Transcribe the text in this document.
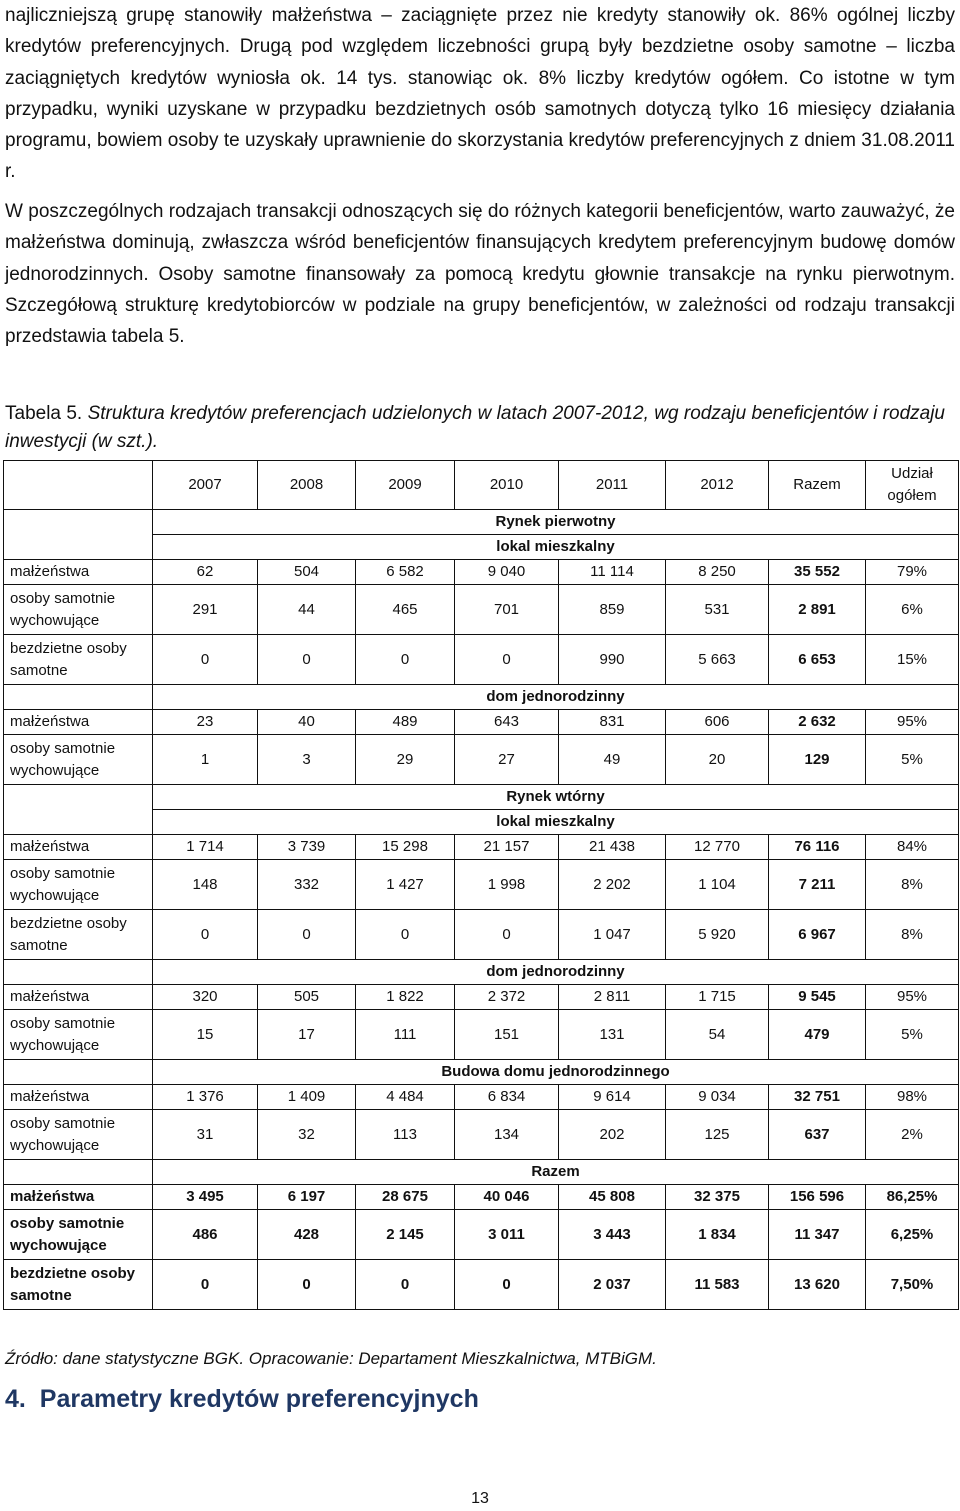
najliczniejszą grupę stanowiły małżeństwa – zaciągnięte przez nie kredyty stanowiły ok. 86% ogólnej liczby kredytów preferencyjnych. Drugą pod względem liczebności grupą były bezdzietne osoby samotne – liczba zaciągniętych kredytów wyniosła ok. 14 tys. stanowiąc ok. 8% liczby kredytów ogółem. Co istotne w tym przypadku, wyniki uzyskane w przypadku bezdzietnych osób samotnych dotyczą tylko 16 miesięcy działania programu, bowiem osoby te uzyskały uprawnienie do skorzystania kredytów preferencyjnych z dniem 31.08.2011 r.

W poszczególnych rodzajach transakcji odnoszących się do różnych kategorii beneficjentów, warto zauważyć, że małżeństwa dominują, zwłaszcza wśród beneficjentów finansujących kredytem preferencyjnym budowę domów jednorodzinnych. Osoby samotne finansowały za pomocą kredytu głownie transakcje na rynku pierwotnym. Szczegółową strukturę kredytobiorców w podziale na grupy beneficjentów, w zależności od rodzaju transakcji przedstawia tabela 5.

Tabela 5. Struktura kredytów preferencjach udzielonych w latach 2007-2012, wg rodzaju beneficjentów i rodzaju inwestycji (w szt.).

	2007	2008	2009	2010	2011	2012	Razem	Udział ogółem
	Rynek pierwotny							
	lokal mieszkalny							
małżeństwa	62	504	6 582	9 040	11 114	8 250	35 552	79%
osoby samotnie wychowujące	291	44	465	701	859	531	2 891	6%
bezdzietne osoby samotne	0	0	0	0	990	5 663	6 653	15%
	dom jednorodzinny							
małżeństwa	23	40	489	643	831	606	2 632	95%
osoby samotnie wychowujące	1	3	29	27	49	20	129	5%
	Rynek wtórny							
	lokal mieszkalny							
małżeństwa	1 714	3 739	15 298	21 157	21 438	12 770	76 116	84%
osoby samotnie wychowujące	148	332	1 427	1 998	2 202	1 104	7 211	8%
bezdzietne osoby samotne	0	0	0	0	1 047	5 920	6 967	8%
	dom jednorodzinny							
małżeństwa	320	505	1 822	2 372	2 811	1 715	9 545	95%
osoby samotnie wychowujące	15	17	111	151	131	54	479	5%
	Budowa domu jednorodzinnego							
małżeństwa	1 376	1 409	4 484	6 834	9 614	9 034	32 751	98%
osoby samotnie wychowujące	31	32	113	134	202	125	637	2%
	Razem							
małżeństwa	3 495	6 197	28 675	40 046	45 808	32 375	156 596	86,25%
osoby samotnie wychowujące	486	428	2 145	3 011	3 443	1 834	11 347	6,25%
bezdzietne osoby samotne	0	0	0	0	2 037	11 583	13 620	7,50%

Źródło: dane statystyczne BGK. Opracowanie: Departament Mieszkalnictwa, MTBiGM.

4. Parametry kredytów preferencyjnych

13
